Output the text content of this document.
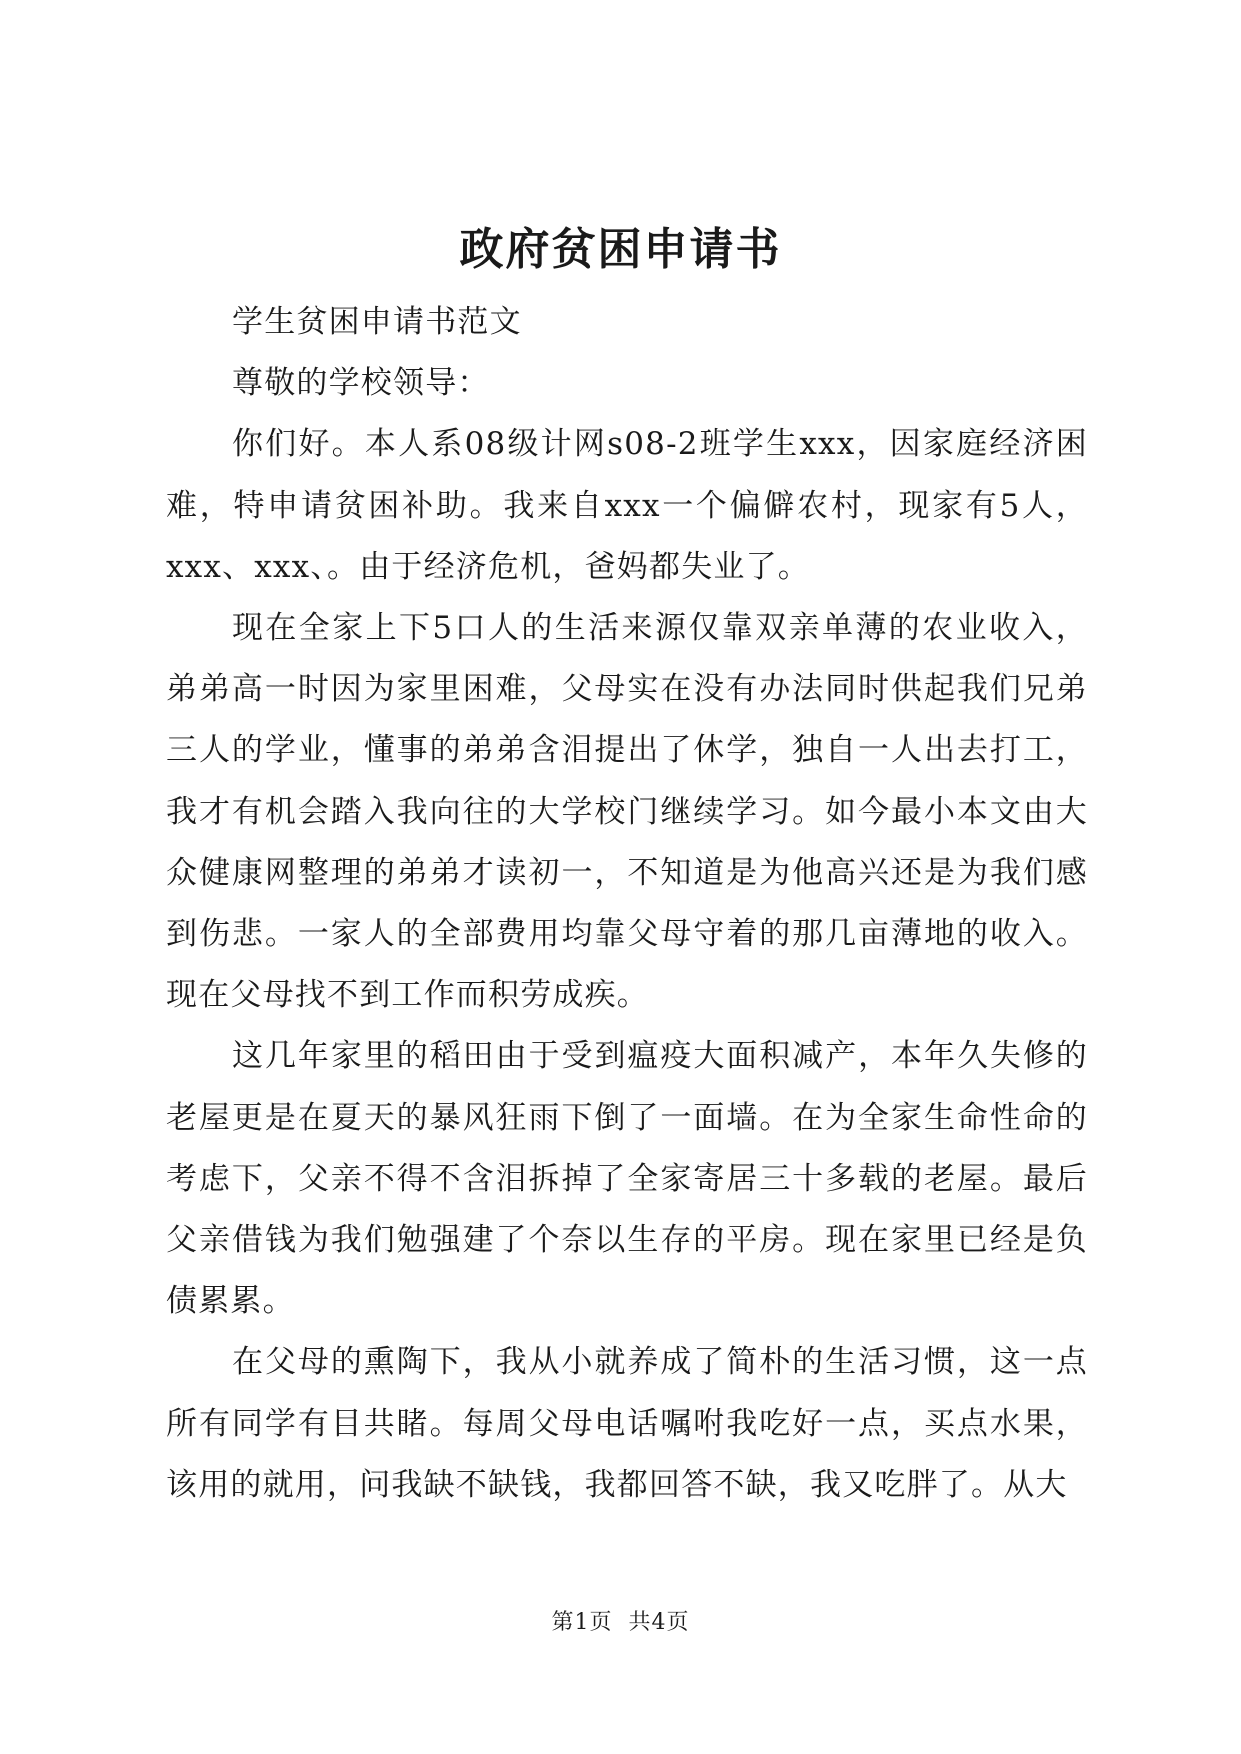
政府贫困申请书

学生贫困申请书范文

尊敬的学校领导：

你们好。本人系08级计网s08-2班学生xxx，因家庭经济困难，特申请贫困补助。我来自xxx一个偏僻农村，现家有5人，xxx、xxx、。由于经济危机，爸妈都失业了。

现在全家上下5口人的生活来源仅靠双亲单薄的农业收入，弟弟高一时因为家里困难，父母实在没有办法同时供起我们兄弟三人的学业，懂事的弟弟含泪提出了休学，独自一人出去打工，我才有机会踏入我向往的大学校门继续学习。如今最小本文由大众健康网整理的弟弟才读初一，不知道是为他高兴还是为我们感到伤悲。一家人的全部费用均靠父母守着的那几亩薄地的收入。现在父母找不到工作而积劳成疾。

这几年家里的稻田由于受到瘟疫大面积减产，本年久失修的老屋更是在夏天的暴风狂雨下倒了一面墙。在为全家生命性命的考虑下，父亲不得不含泪拆掉了全家寄居三十多载的老屋。最后父亲借钱为我们勉强建了个奈以生存的平房。现在家里已经是负债累累。

在父母的熏陶下，我从小就养成了简朴的生活习惯，这一点所有同学有目共睹。每周父母电话嘱咐我吃好一点，买点水果，该用的就用，问我缺不缺钱，我都回答不缺，我又吃胖了。从大

第1页 共4页
